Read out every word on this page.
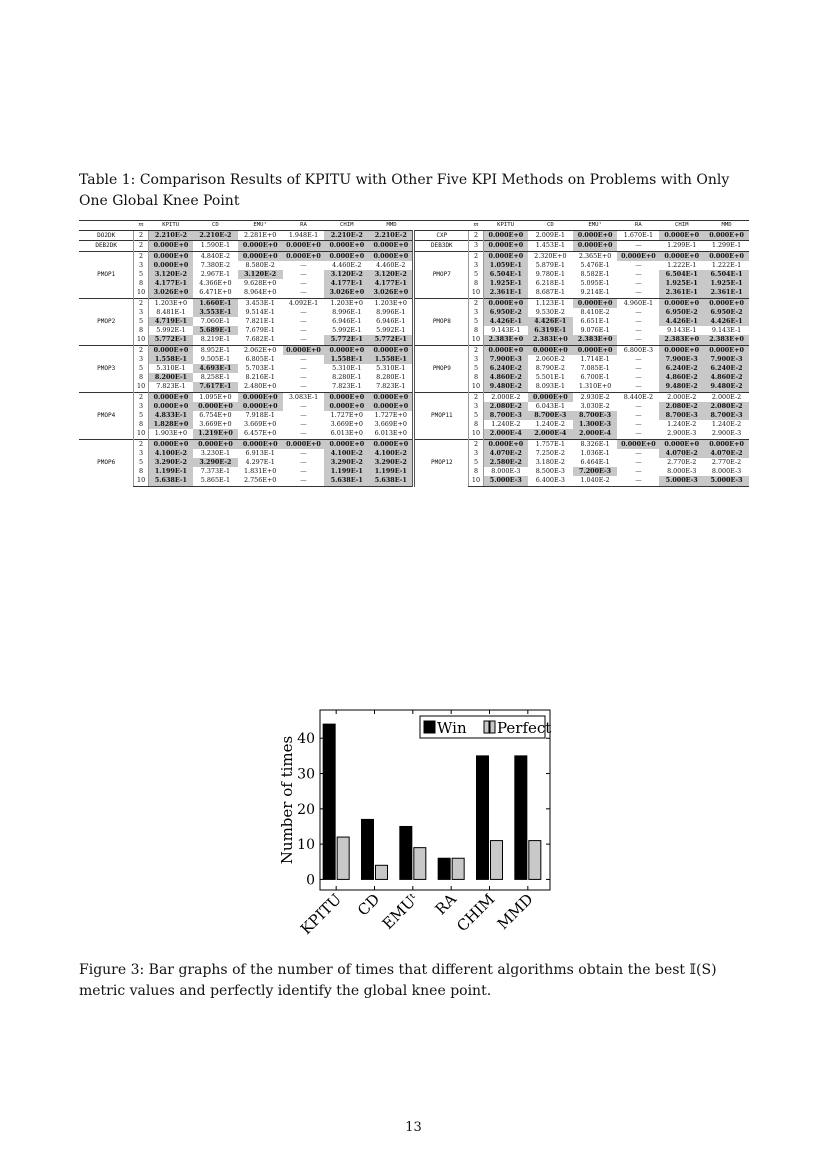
Table 1: Comparison Results of KPITU with Other Five KPI Methods on Problems with Only One Global Knee Point
	m	KPITU	CD	EMUᵗ	RA	CHIM	MMD		m	KPITU	CD	EMUᵗ	RA	CHIM	MMD
DO2DK	2	2.210E-2	2.210E-2	2.281E+0	1.948E-1	2.210E-2	2.210E-2	CXP	2	0.000E+0	2.009E-1	0.000E+0	1.670E-1	0.000E+0	0.000E+0
DEB2DK	2	0.000E+0	1.590E-1	0.000E+0	0.000E+0	0.000E+0	0.000E+0	DEB3DK	3	0.000E+0	1.453E-1	0.000E+0	—	1.299E-1	1.299E-1
PMOP1	2	0.000E+0	4.840E-2	0.000E+0	0.000E+0	0.000E+0	0.000E+0	PMOP7	2	0.000E+0	2.320E+0	2.365E+0	0.000E+0	0.000E+0	0.000E+0
	3	0.000E+0	7.380E-2	8.580E-2	—	4.460E-2	4.460E-2		3	1.059E-1	5.879E-1	5.476E-1	—	1.222E-1	1.222E-1
	5	3.120E-2	2.967E-1	3.120E-2	—	3.120E-2	3.120E-2		5	6.504E-1	9.780E-1	8.582E-1	—	6.504E-1	6.504E-1
	8	4.177E-1	4.366E+0	9.628E+0	—	4.177E-1	4.177E-1		8	1.925E-1	6.218E-1	5.095E-1	—	1.925E-1	1.925E-1
	10	3.026E+0	6.471E+0	8.964E+0	—	3.026E+0	3.026E+0		10	2.361E-1	8.687E-1	9.214E-1	—	2.361E-1	2.361E-1
PMOP2	2	1.203E+0	1.660E-1	3.453E-1	4.092E-1	1.203E+0	1.203E+0	PMOP8	2	0.000E+0	1.123E-1	0.000E+0	4.960E-1	0.000E+0	0.000E+0
	3	8.481E-1	3.553E-1	9.514E-1	—	8.996E-1	8.996E-1		3	6.950E-2	9.530E-2	8.410E-2	—	6.950E-2	6.950E-2
	5	4.719E-1	7.060E-1	7.821E-1	—	6.946E-1	6.946E-1		5	4.426E-1	4.426E-1	6.651E-1	—	4.426E-1	4.426E-1
	8	5.992E-1	5.689E-1	7.679E-1	—	5.992E-1	5.992E-1		8	9.143E-1	6.319E-1	9.076E-1	—	9.143E-1	9.143E-1
	10	5.772E-1	8.219E-1	7.682E-1	—	5.772E-1	5.772E-1		10	2.383E+0	2.383E+0	2.383E+0	—	2.383E+0	2.383E+0
PMOP3	2	0.000E+0	8.952E-1	2.062E+0	0.000E+0	0.000E+0	0.000E+0	PMOP9	2	0.000E+0	0.000E+0	0.000E+0	6.800E-3	0.000E+0	0.000E+0
	3	1.558E-1	9.505E-1	6.805E-1	—	1.558E-1	1.558E-1		3	7.900E-3	2.060E-2	1.714E-1	—	7.900E-3	7.900E-3
	5	5.310E-1	4.693E-1	5.703E-1	—	5.310E-1	5.310E-1		5	6.240E-2	8.790E-2	7.085E-1	—	6.240E-2	6.240E-2
	8	8.200E-1	8.258E-1	8.216E-1	—	8.280E-1	8.280E-1		8	4.860E-2	5.501E-1	6.700E-1	—	4.860E-2	4.860E-2
	10	7.823E-1	7.617E-1	2.480E+0	—	7.823E-1	7.823E-1		10	9.480E-2	8.093E-1	1.310E+0	—	9.480E-2	9.480E-2
PMOP4	2	0.000E+0	1.095E+0	0.000E+0	3.083E-1	0.000E+0	0.000E+0	PMOP11	2	2.000E-2	0.000E+0	2.930E-2	8.440E-2	2.000E-2	2.000E-2
	3	0.000E+0	0.000E+0	0.000E+0	—	0.000E+0	0.000E+0		3	2.080E-2	6.043E-1	3.030E-2	—	2.080E-2	2.080E-2
	5	4.833E-1	6.754E+0	7.918E-1	—	1.727E+0	1.727E+0		5	8.700E-3	8.700E-3	8.700E-3	—	8.700E-3	8.700E-3
	8	1.828E+0	3.669E+0	3.669E+0	—	3.669E+0	3.669E+0		8	1.240E-2	1.240E-2	1.300E-3	—	1.240E-2	1.240E-2
	10	1.903E+0	1.219E+0	6.457E+0	—	6.013E+0	6.013E+0		10	2.000E-4	2.000E-4	2.000E-4	—	2.900E-3	2.900E-3
PMOP6	2	0.000E+0	0.000E+0	0.000E+0	0.000E+0	0.000E+0	0.000E+0	PMOP12	2	0.000E+0	1.757E-1	8.326E-1	0.000E+0	0.000E+0	0.000E+0
	3	4.100E-2	3.230E-1	6.913E-1	—	4.100E-2	4.100E-2		3	4.070E-2	7.250E-2	1.036E-1	—	4.070E-2	4.070E-2
	5	3.290E-2	3.290E-2	4.297E-1	—	3.290E-2	3.290E-2		5	2.580E-2	3.180E-2	6.464E-1	—	2.770E-2	2.770E-2
	8	1.199E-1	7.373E-1	1.831E+0	—	1.199E-1	1.199E-1		8	8.000E-3	8.500E-3	7.200E-3	—	8.000E-3	8.000E-3
	10	5.638E-1	5.865E-1	2.756E+0	—	5.638E-1	5.638E-1		10	5.000E-3	6.400E-3	1.040E-2	—	5.000E-3	5.000E-3
0
10
20
30
40
Number of times
KPITU CD
EMUᵗ RA
CHIM
MMD
Win Perfect
Figure 3: Bar graphs of the number of times that different algorithms obtain the best 𝕀(S) metric values and perfectly identify the global knee point.
13
